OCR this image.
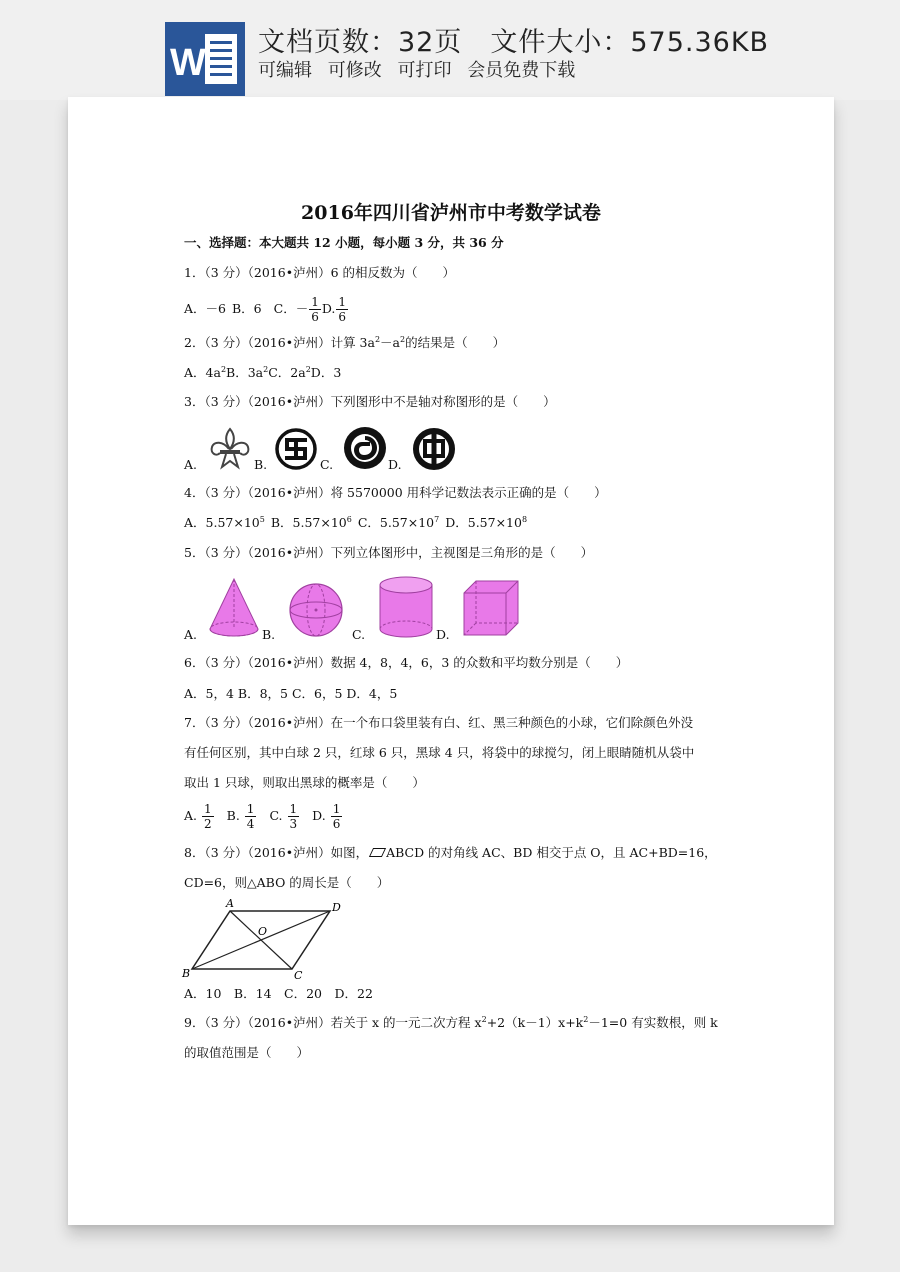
W 文档页数：32页 文件大小：575.36KB
可编辑 可修改 可打印 会员免费下载
2016年四川省泸州市中考数学试卷
一、选择题：本大题共 12 小题，每小题 3 分，共 36 分
1．（3 分）（2016•泸州）6 的相反数为（　　）
A．－6 B．6 C．－ $\frac{1}{6} D$. $\frac{1}{6}$
2．（3 分）（2016•泸州）计算 $3a^2-a^2$的结果是（　　）
A．$4a^2B$．$3a^2C$．$2a^2D$．3
3．（3 分）（2016•泸州）下列图形中不是轴对称图形的是（　　）
A.	B.	C.	D.
4．（3 分）（2016•泸州）将 5570000 用科学记数法表示正确的是（　　）
A．$5.57\times 10^5$ B．$5.57\times 10^6$ C．$5.57\times 10^7$ D．$5.57\times 10^8$
5．（3 分）（2016•泸州）下列立体图形中，主视图是三角形的是（　　）
A.	B.	C.	D.
6．（3 分）（2016•泸州）数据 4，8，4，6，3 的众数和平均数分别是（　　）
A．5，4 B．8，5 C．6，5 D．4，5
7．（3 分）（2016•泸州）在一个布口袋里装有白、红、黑三种颜色的小球，它们除颜色外没
有任何区别，其中白球 2 只，红球 6 只，黑球 4 只，将袋中的球搅匀，闭上眼睛随机从袋中
取出 1 只球，则取出黑球的概率是（　　）
A. $\frac{1}{2} B$. $\frac{1}{4} C$. $\frac{1}{3} D$. $\frac{1}{6}$
8．（3 分）（2016•泸州）如图， ABCD 的对角线 AC、BD 相交于点 O，且 AC+BD=16，
CD=6，则△ABO 的周长是（　　）
A	D
O
B	C
A．10　B．14　C．20　D．22
9．（3 分）（2016•泸州）若关于 x 的一元二次方程 $x^2+2(k-1)x+k^2-1=0$ 有实数根，则 k
的取值范围是（　　）
